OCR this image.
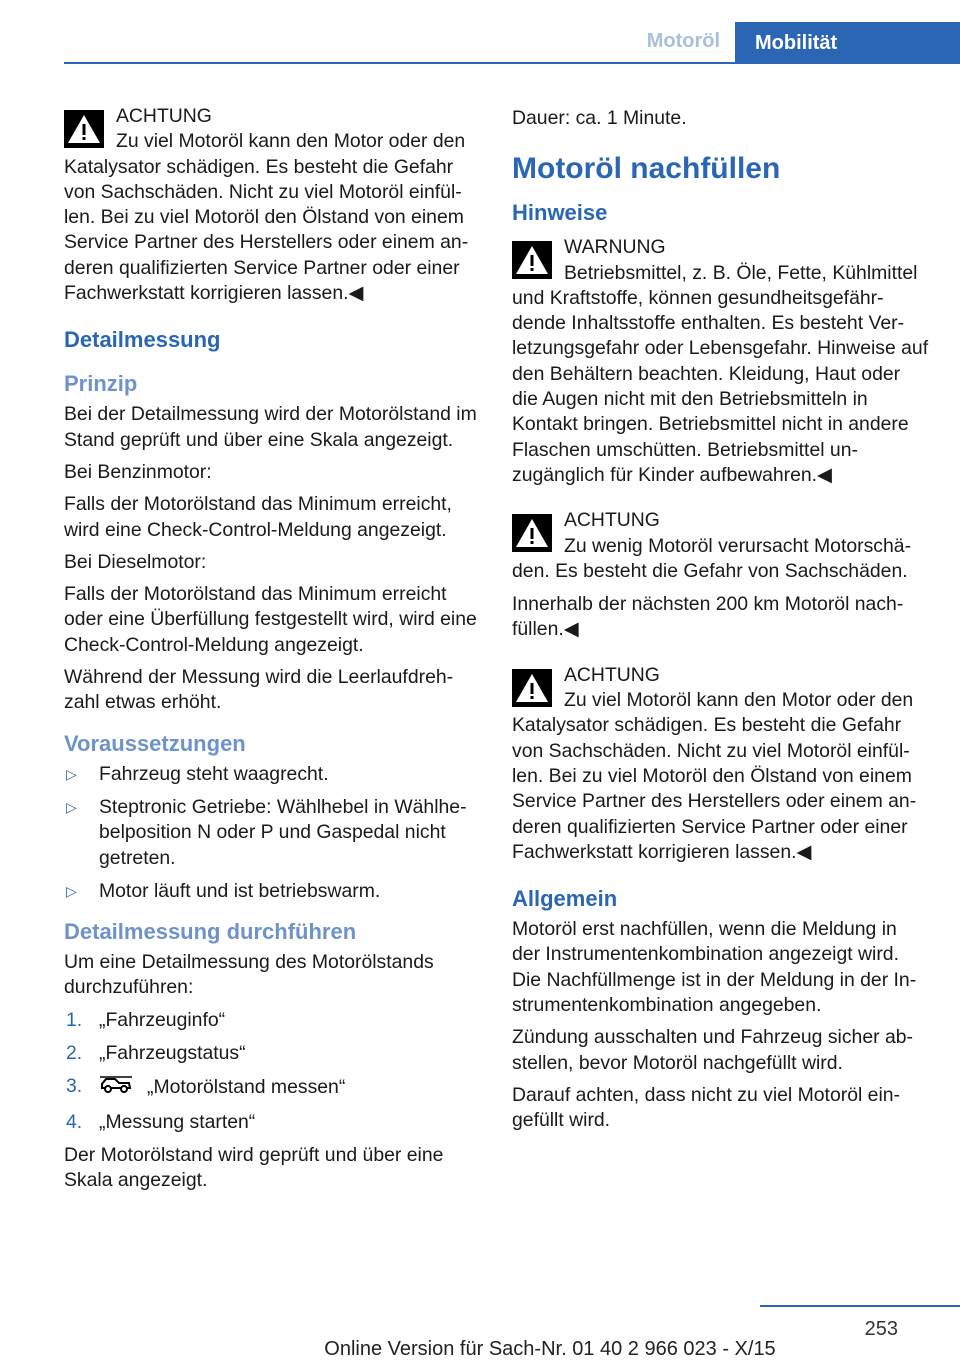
Motoröl	Mobilität
ACHTUNG
Zu viel Motoröl kann den Motor oder den Katalysator schädigen. Es besteht die Gefahr von Sachschäden. Nicht zu viel Motoröl einfüllen. Bei zu viel Motoröl den Ölstand von einem Service Partner des Herstellers oder einem anderen qualifizierten Service Partner oder einer Fachwerkstatt korrigieren lassen.◀
Detailmessung
Prinzip

Bei der Detailmessung wird der Motorölstand im Stand geprüft und über eine Skala angezeigt.

Bei Benzinmotor:

Falls der Motorölstand das Minimum erreicht, wird eine Check-Control-Meldung angezeigt.

Bei Dieselmotor:

Falls der Motorölstand das Minimum erreicht oder eine Überfüllung festgestellt wird, wird eine Check-Control-Meldung angezeigt.

Während der Messung wird die Leerlaufdrehzahl etwas erhöht.

Voraussetzungen
▷ Fahrzeug steht waagrecht.
▷ Steptronic Getriebe: Wählhebel in Wählhebelposition N oder P und Gaspedal nicht getreten.
▷ Motor läuft und ist betriebswarm.
Detailmessung durchführen

Um eine Detailmessung des Motorölstands durchzuführen:

1. „Fahrzeuginfo“
2. „Fahrzeugstatus“
3.	„Motorölstand messen“
4. „Messung starten“

Der Motorölstand wird geprüft und über eine Skala angezeigt.

Dauer: ca. 1 Minute.

Motoröl nachfüllen
Hinweise
WARNUNG
Betriebsmittel, z. B. Öle, Fette, Kühlmittel und Kraftstoffe, können gesundheitsgefährdende Inhaltsstoffe enthalten. Es besteht Verletzungsgefahr oder Lebensgefahr. Hinweise auf den Behältern beachten. Kleidung, Haut oder die Augen nicht mit den Betriebsmitteln in Kontakt bringen. Betriebsmittel nicht in andere Flaschen umschütten. Betriebsmittel unzugänglich für Kinder aufbewahren.◀
ACHTUNG
Zu wenig Motoröl verursacht Motorschäden. Es besteht die Gefahr von Sachschäden.

Innerhalb der nächsten 200 km Motoröl nachfüllen.◀

ACHTUNG
Zu viel Motoröl kann den Motor oder den Katalysator schädigen. Es besteht die Gefahr von Sachschäden. Nicht zu viel Motoröl einfüllen. Bei zu viel Motoröl den Ölstand von einem Service Partner des Herstellers oder einem anderen qualifizierten Service Partner oder einer Fachwerkstatt korrigieren lassen.◀
Allgemein

Motoröl erst nachfüllen, wenn die Meldung in der Instrumentenkombination angezeigt wird. Die Nachfüllmenge ist in der Meldung in der Instrumentenkombination angegeben.

Zündung ausschalten und Fahrzeug sicher abstellen, bevor Motoröl nachgefüllt wird.

Darauf achten, dass nicht zu viel Motoröl eingefüllt wird.

253
Online Version für Sach-Nr. 01 40 2 966 023 - X/15
